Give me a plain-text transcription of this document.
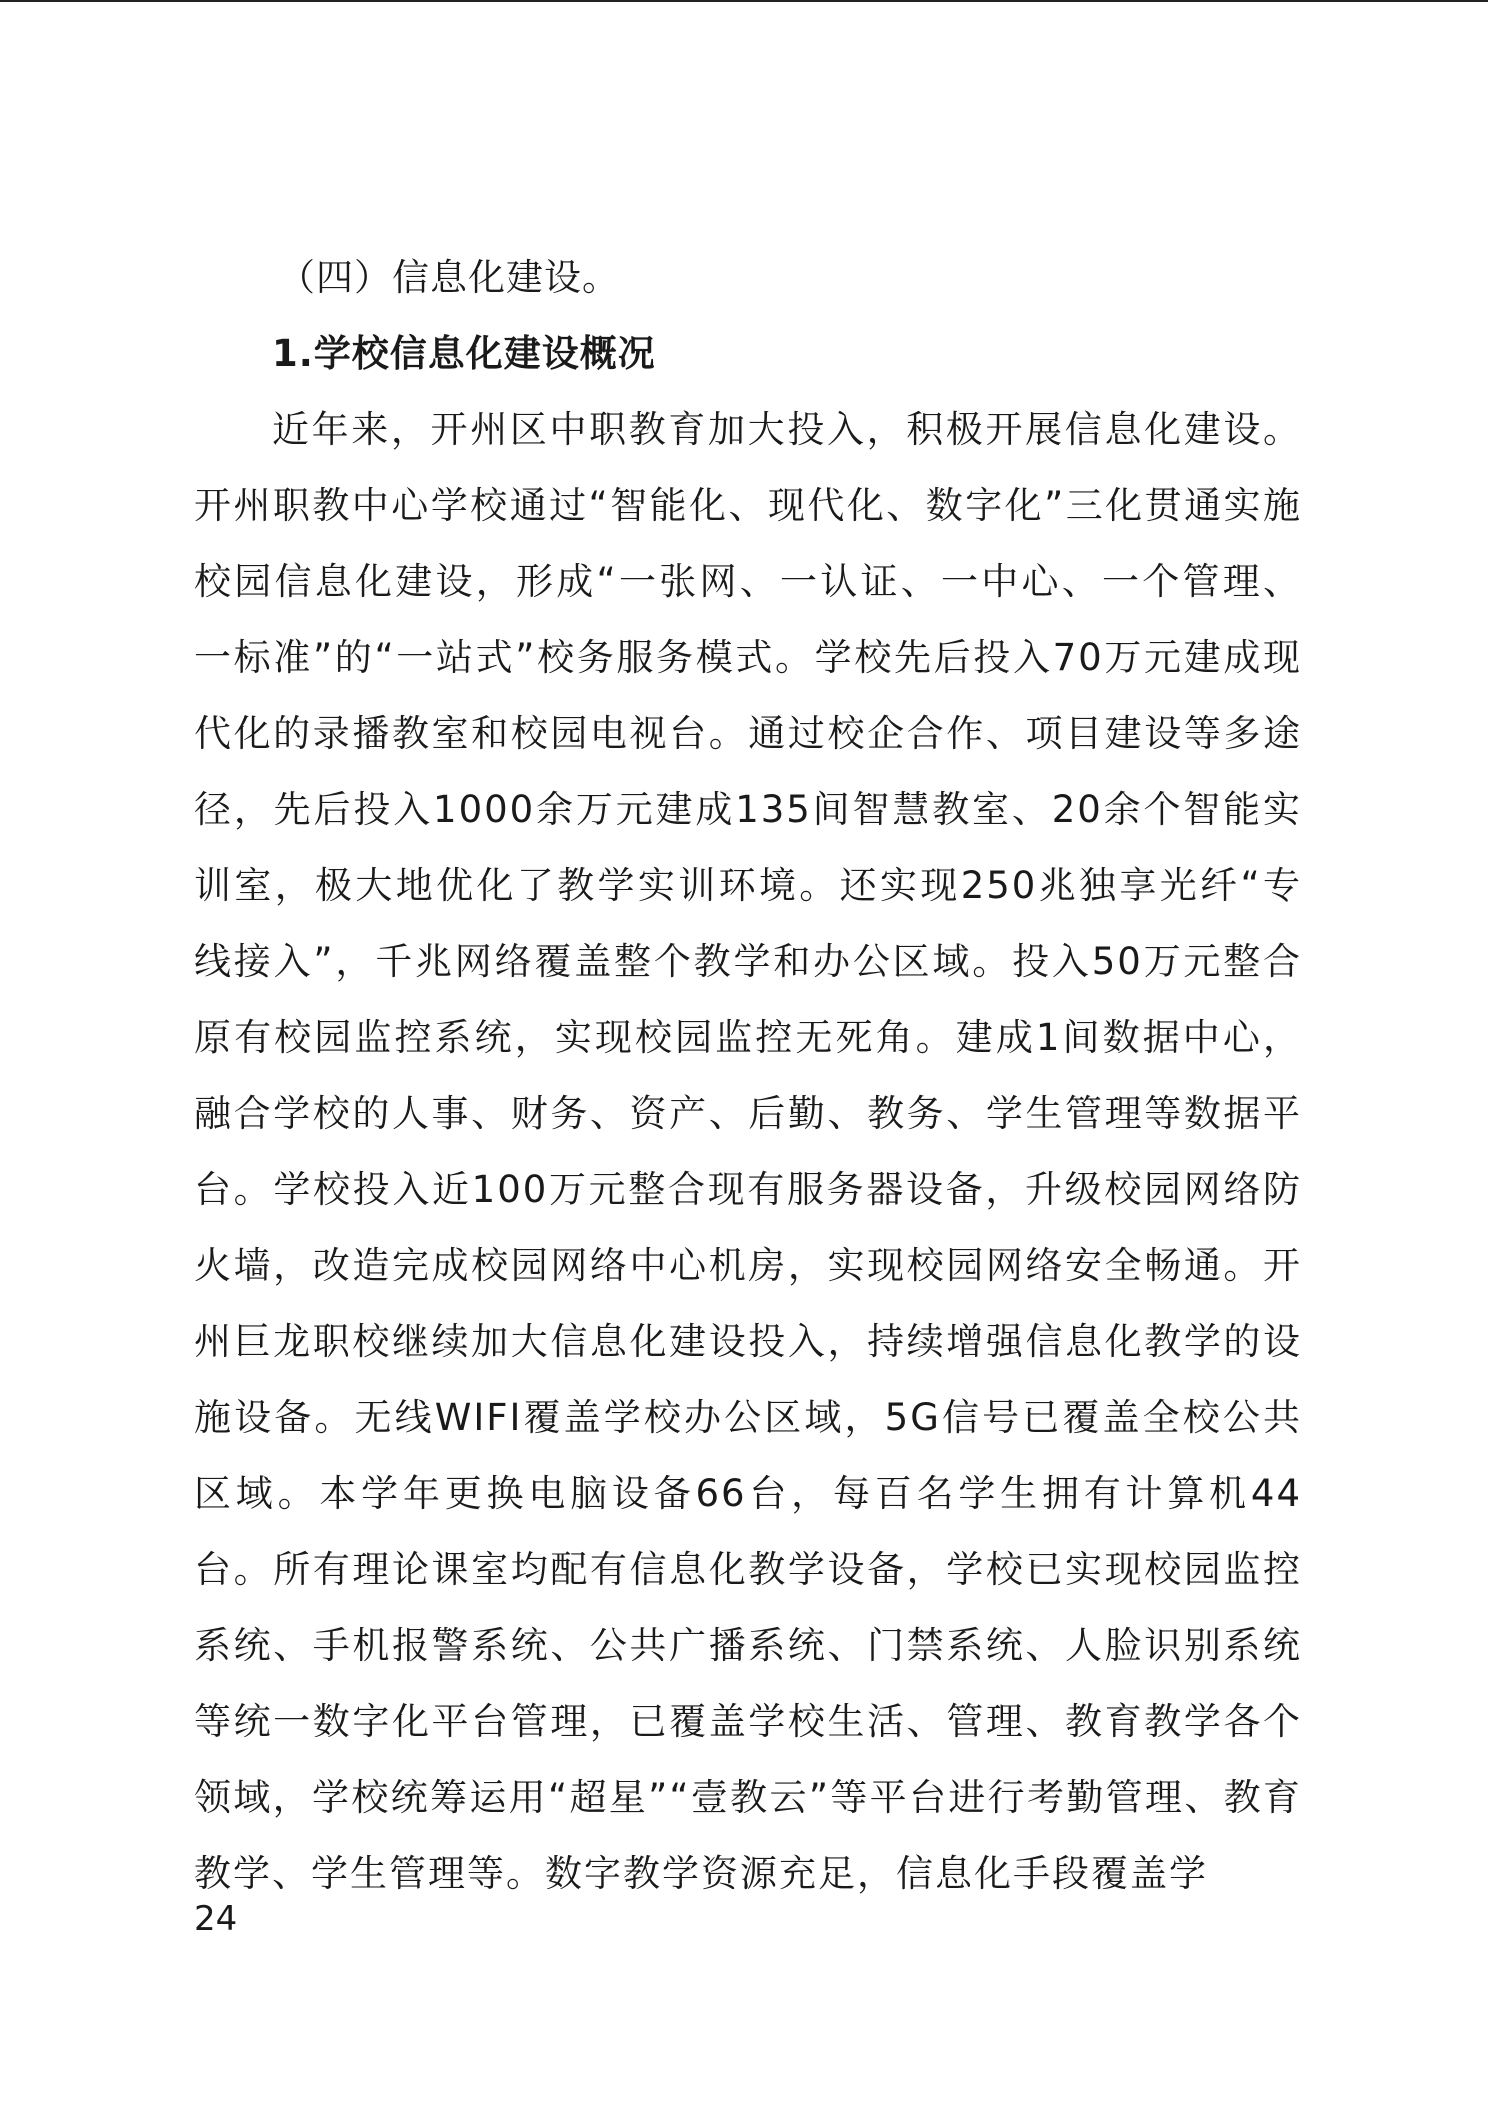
（四）信息化建设。

1.学校信息化建设概况

近年来，开州区中职教育加大投入，积极开展信息化建设。开州职教中心学校通过“智能化、现代化、数字化”三化贯通实施校园信息化建设，形成“一张网、一认证、一中心、一个管理、一标准”的“一站式”校务服务模式。学校先后投入70万元建成现代化的录播教室和校园电视台。通过校企合作、项目建设等多途径，先后投入1000余万元建成135间智慧教室、20余个智能实训室，极大地优化了教学实训环境。还实现250兆独享光纤“专线接入”，千兆网络覆盖整个教学和办公区域。投入50万元整合原有校园监控系统，实现校园监控无死角。建成1间数据中心，融合学校的人事、财务、资产、后勤、教务、学生管理等数据平台。学校投入近100万元整合现有服务器设备，升级校园网络防火墙，改造完成校园网络中心机房，实现校园网络安全畅通。开州巨龙职校继续加大信息化建设投入，持续增强信息化教学的设施设备。无线WIFI覆盖学校办公区域，5G信号已覆盖全校公共区域。本学年更换电脑设备66台，每百名学生拥有计算机44台。所有理论课室均配有信息化教学设备，学校已实现校园监控系统、手机报警系统、公共广播系统、门禁系统、人脸识别系统等统一数字化平台管理，已覆盖学校生活、管理、教育教学各个领域，学校统筹运用“超星”“壹教云”等平台进行考勤管理、教育教学、学生管理等。数字教学资源充足，信息化手段覆盖学

24
